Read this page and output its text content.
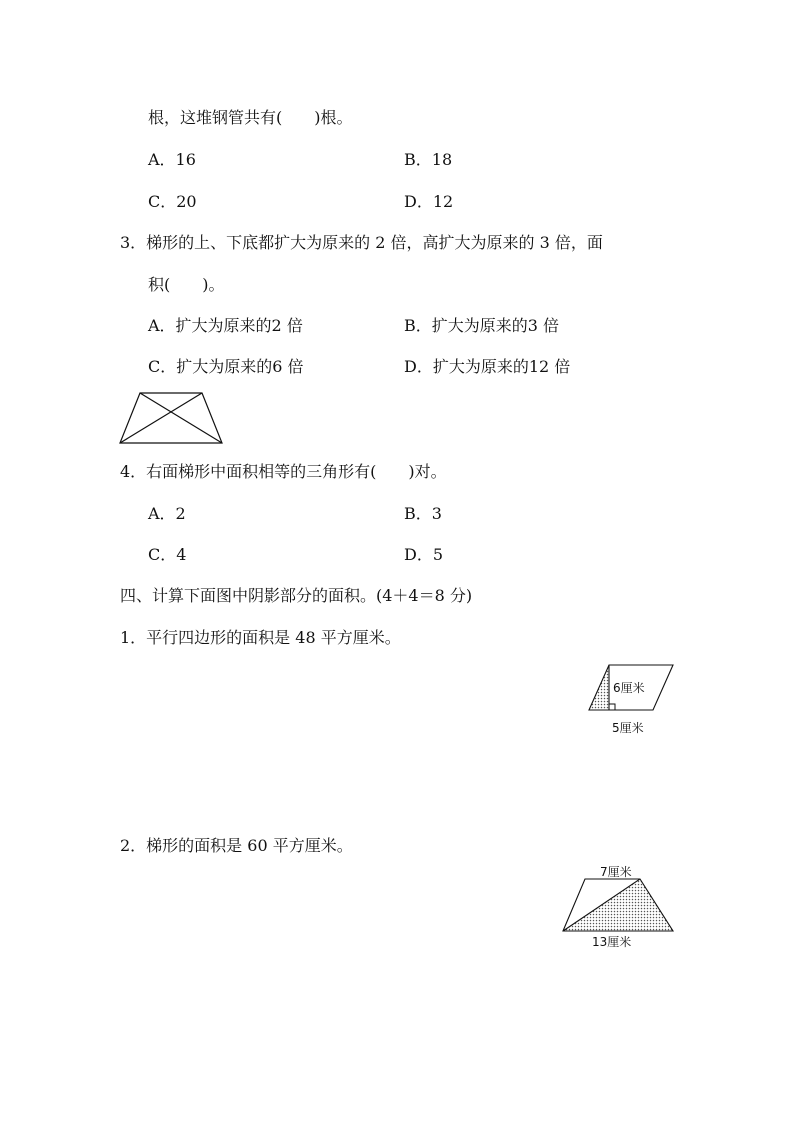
根，这堆钢管共有(　　)根。
A．16	B．18
C．20	D．12
3．梯形的上、下底都扩大为原来的 2 倍，高扩大为原来的 3 倍，面
积(　　)。
A．扩大为原来的2 倍	B．扩大为原来的3 倍
C．扩大为原来的6 倍	D．扩大为原来的12 倍
4．右面梯形中面积相等的三角形有(　　)对。
A．2	B．3
C．4	D．5
四、计算下面图中阴影部分的面积。(4＋4＝8 分)
1．平行四边形的面积是 48 平方厘米。
6厘米
5厘米
2．梯形的面积是 60 平方厘米。
7厘米
13厘米
